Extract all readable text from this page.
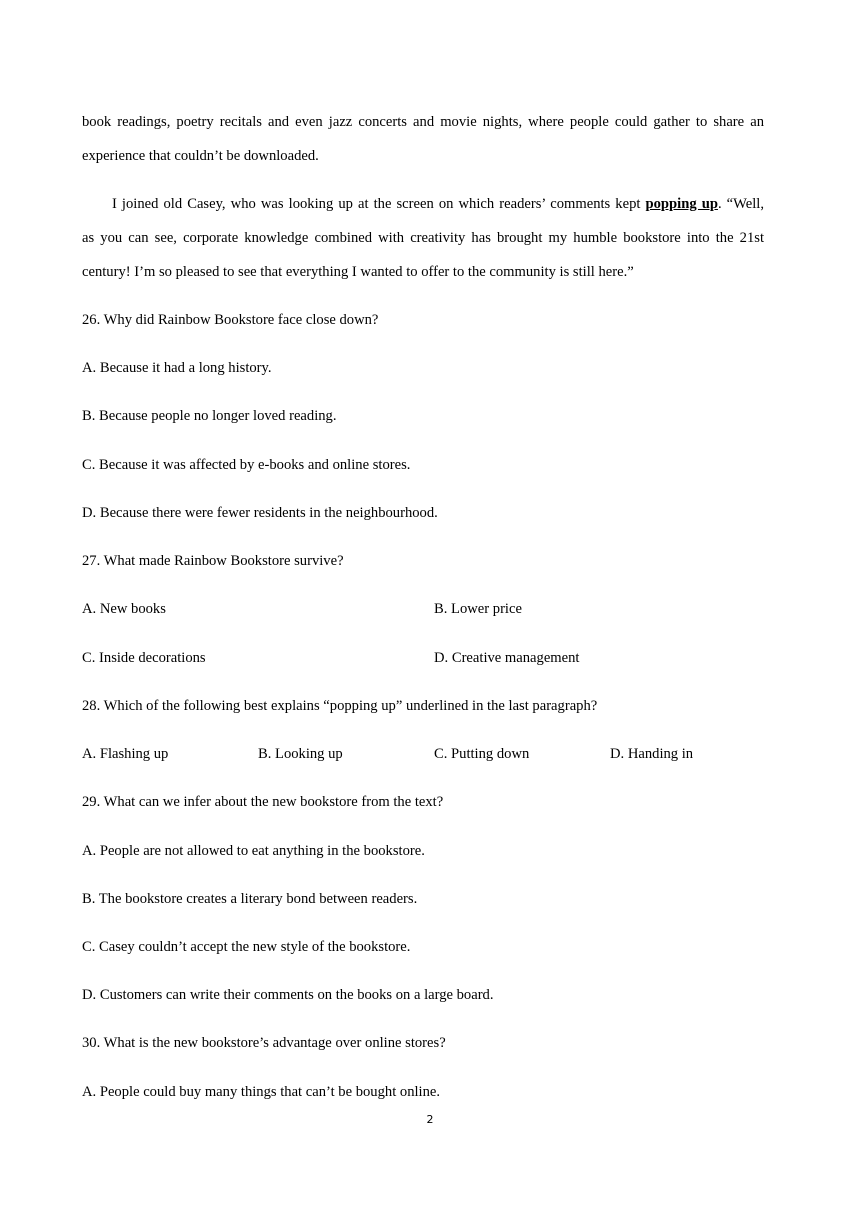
book readings, poetry recitals and even jazz concerts and movie nights, where people could gather to share an
experience that couldn’t be downloaded.
I joined old Casey, who was looking up at the screen on which readers’ comments kept popping up. “Well,
as you can see, corporate knowledge combined with creativity has brought my humble bookstore into the 21st
century! I’m so pleased to see that everything I wanted to offer to the community is still here.”
26. Why did Rainbow Bookstore face close down?
A. Because it had a long history.
B. Because people no longer loved reading.
C. Because it was affected by e-books and online stores.
D. Because there were fewer residents in the neighbourhood.
27. What made Rainbow Bookstore survive?
A. New books	B. Lower price
C. Inside decorations	D. Creative management
28. Which of the following best explains “popping up” underlined in the last paragraph?
A. Flashing up	B. Looking up	C. Putting down	D. Handing in
29. What can we infer about the new bookstore from the text?
A. People are not allowed to eat anything in the bookstore.
B. The bookstore creates a literary bond between readers.
C. Casey couldn’t accept the new style of the bookstore.
D. Customers can write their comments on the books on a large board.
30. What is the new bookstore’s advantage over online stores?
A. People could buy many things that can’t be bought online.
2
